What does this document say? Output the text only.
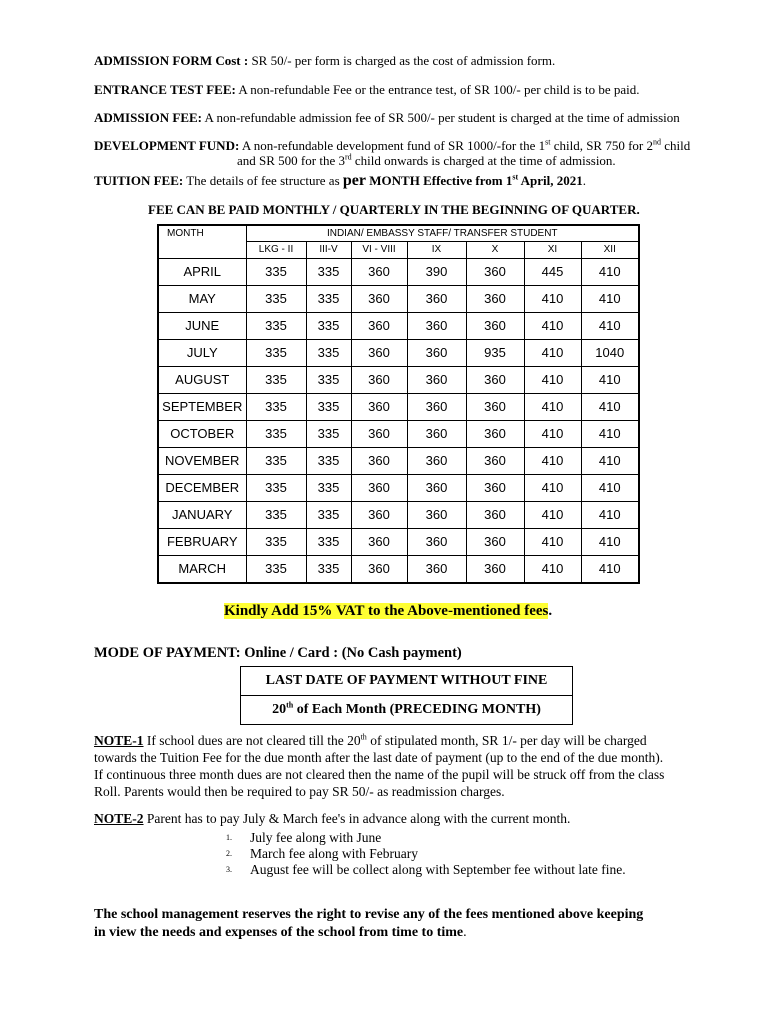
ADMISSION FORM Cost : SR 50/- per form is charged as the cost of admission form.
ENTRANCE TEST FEE: A non-refundable Fee or the entrance test, of SR 100/- per child is to be paid.
ADMISSION FEE: A non-refundable admission fee of SR 500/- per student is charged at the time of admission
DEVELOPMENT FUND: A non-refundable development fund of SR 1000/-for the 1st child, SR 750 for 2nd child
and SR 500 for the 3rd child onwards is charged at the time of admission.
TUITION FEE: The details of fee structure as per MONTH Effective from 1st April, 2021.
FEE CAN BE PAID MONTHLY / QUARTERLY IN THE BEGINNING OF QUARTER.
MONTH	INDIAN/ EMBASSY STAFF/ TRANSFER STUDENT						
	LKG - II	III-V	VI - VIII	IX	X	XI	XII
APRIL	335	335	360	390	360	445	410
MAY	335	335	360	360	360	410	410
JUNE	335	335	360	360	360	410	410
JULY	335	335	360	360	935	410	1040
AUGUST	335	335	360	360	360	410	410
SEPTEMBER	335	335	360	360	360	410	410
OCTOBER	335	335	360	360	360	410	410
NOVEMBER	335	335	360	360	360	410	410
DECEMBER	335	335	360	360	360	410	410
JANUARY	335	335	360	360	360	410	410
FEBRUARY	335	335	360	360	360	410	410
MARCH	335	335	360	360	360	410	410
Kindly Add 15% VAT to the Above-mentioned fees.
MODE OF PAYMENT: Online / Card : (No Cash payment)
LAST DATE OF PAYMENT WITHOUT FINE
20th of Each Month (PRECEDING MONTH)
NOTE-1 If school dues are not cleared till the 20th of stipulated month, SR 1/- per day will be charged
towards the Tuition Fee for the due month after the last date of payment (up to the end of the due month).
If continuous three month dues are not cleared then the name of the pupil will be struck off from the class
Roll. Parents would then be required to pay SR 50/- as readmission charges.
NOTE-2 Parent has to pay July & March fee's in advance along with the current month.
1. July fee along with June
2. March fee along with February
3. August fee will be collect along with September fee without late fine.
The school management reserves the right to revise any of the fees mentioned above keeping
in view the needs and expenses of the school from time to time.
